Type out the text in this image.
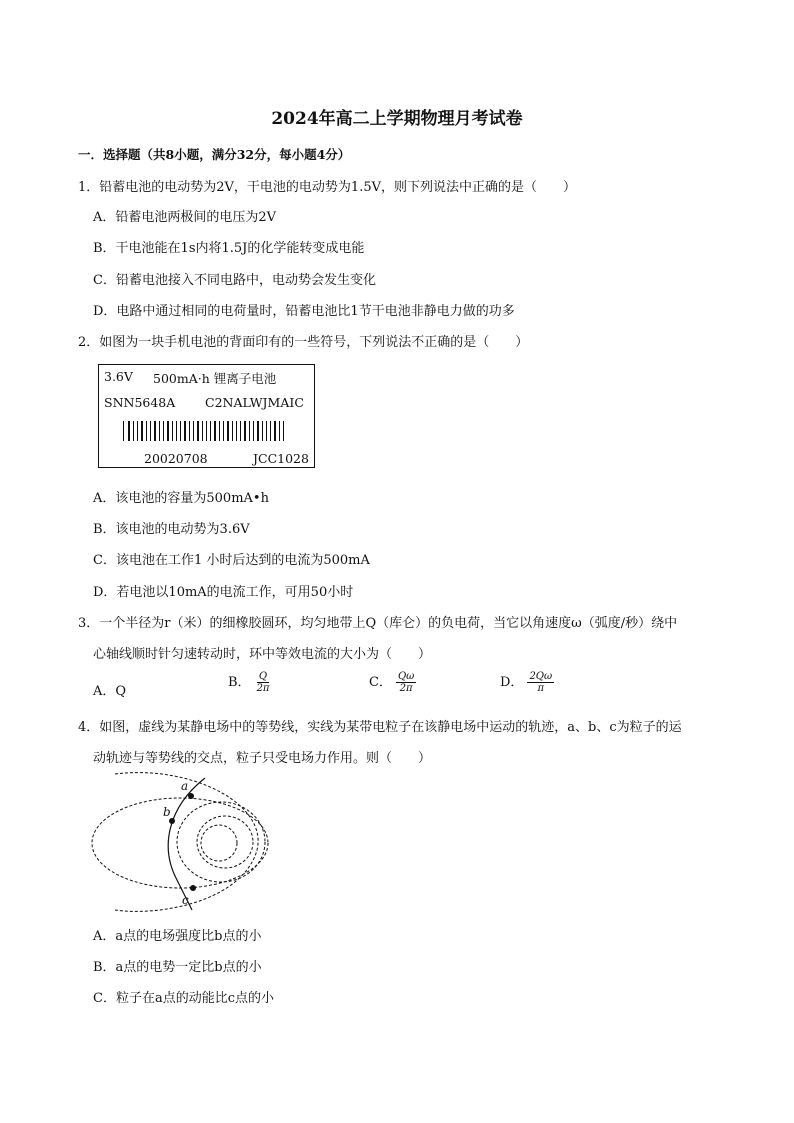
2024年高二上学期物理月考试卷
一．选择题（共8小题，满分32分，每小题4分）
1．铅蓄电池的电动势为2V，干电池的电动势为1.5V，则下列说法中正确的是（　　）
A．铅蓄电池两极间的电压为2V
B．干电池能在1s内将1.5J的化学能转变成电能
C．铅蓄电池接入不同电路中，电动势会发生变化
D．电路中通过相同的电荷量时，铅蓄电池比1节干电池非静电力做的功多
2．如图为一块手机电池的背面印有的一些符号，下列说法不正确的是（　　）
3.6V 500mA·h 锂离子电池
SNN5648A C2NALWJMAIC
20020708	JCC1028
A．该电池的容量为500mA•h
B．该电池的电动势为3.6V
C．该电池在工作1 小时后达到的电流为500mA
D．若电池以10mA的电流工作，可用50小时
3．一个半径为r（米）的细橡胶圆环，均匀地带上Q（库仑）的负电荷，当它以角速度ω（弧度/秒）绕中
心轴线顺时针匀速转动时，环中等效电流的大小为（　　）
A．Q
B． $\frac{Q}{2\pi}$	C． $\frac{Q\omega}{2\pi}$	D． $\frac{2Q\omega}{\pi}$
4．如图，虚线为某静电场中的等势线，实线为某带电粒子在该静电场中运动的轨迹，a、b、c为粒子的运
动轨迹与等势线的交点，粒子只受电场力作用。则（　　）
a
b
c
A．a点的电场强度比b点的小
B．a点的电势一定比b点的小
C．粒子在a点的动能比c点的小
